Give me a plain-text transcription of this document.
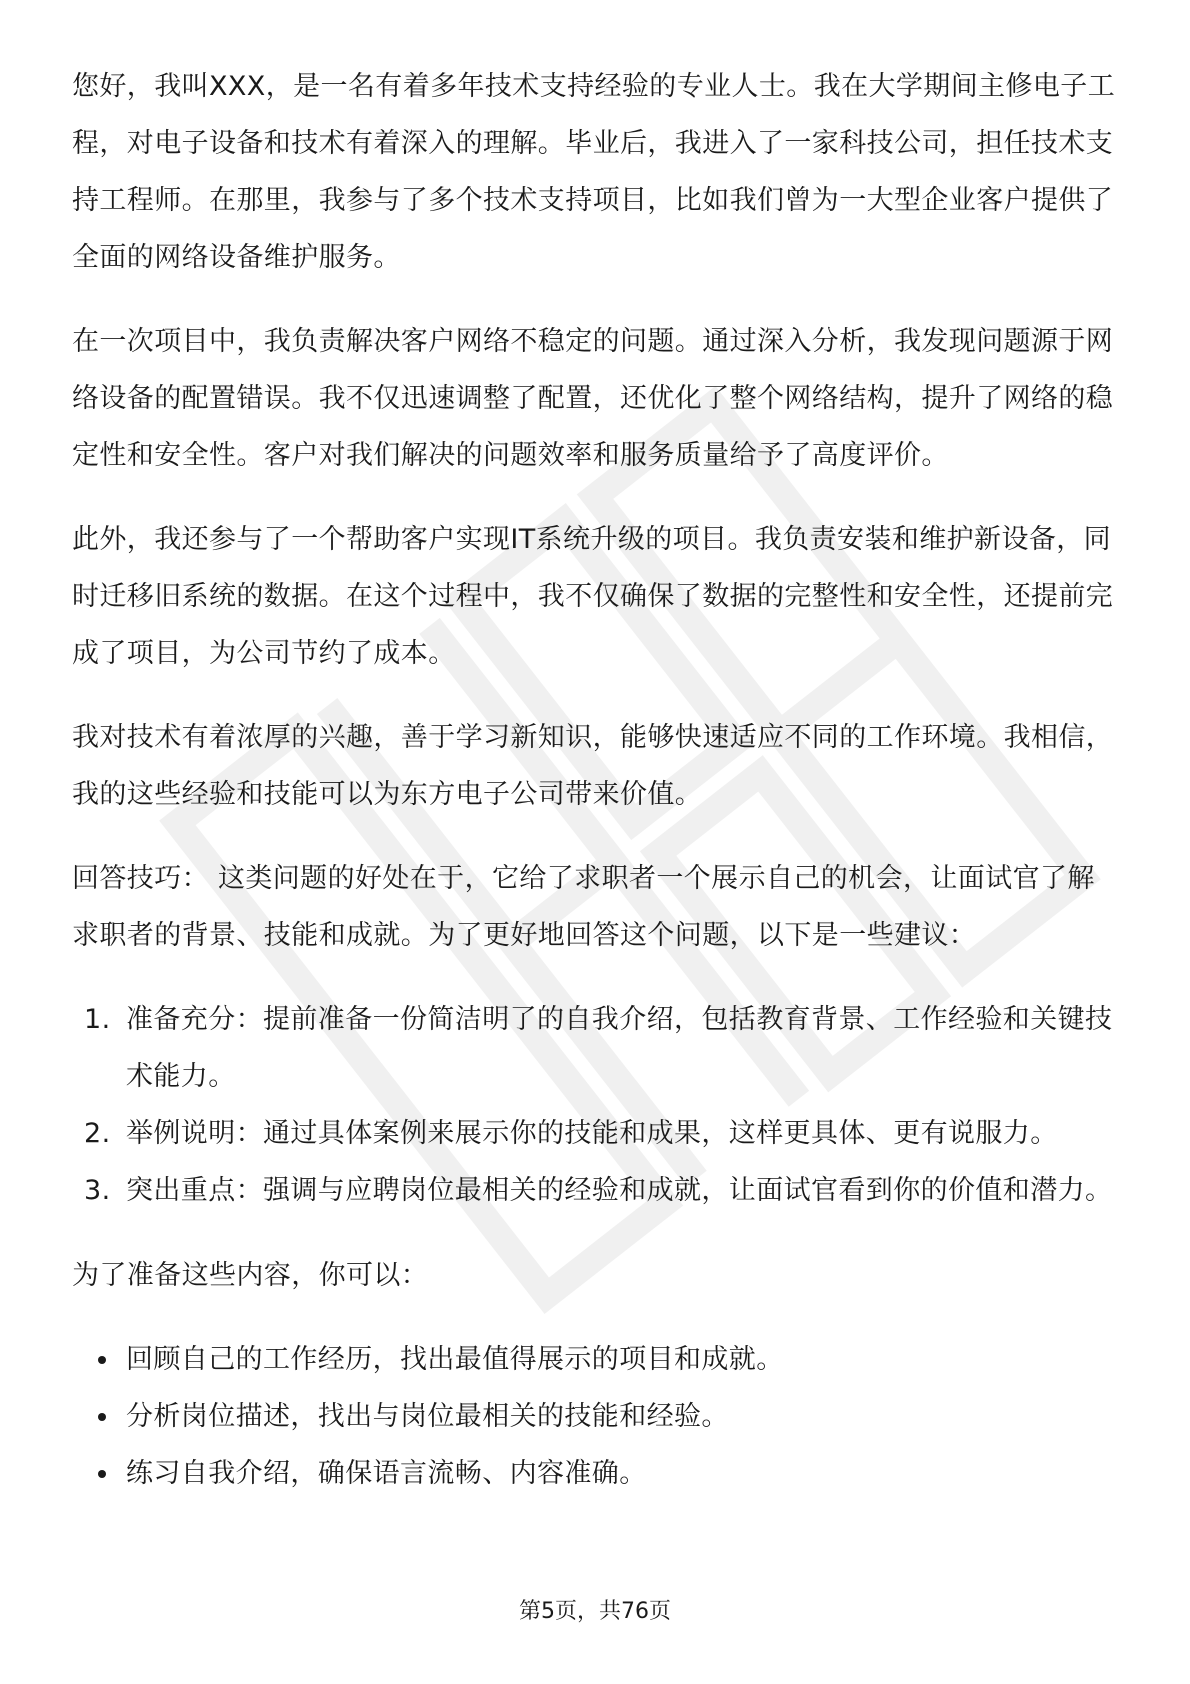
您好，我叫XXX，是一名有着多年技术支持经验的专业人士。我在大学期间主修电子工程，对电子设备和技术有着深入的理解。毕业后，我进入了一家科技公司，担任技术支持工程师。在那里，我参与了多个技术支持项目，比如我们曾为一大型企业客户提供了全面的网络设备维护服务。

在一次项目中，我负责解决客户网络不稳定的问题。通过深入分析，我发现问题源于网络设备的配置错误。我不仅迅速调整了配置，还优化了整个网络结构，提升了网络的稳定性和安全性。客户对我们解决的问题效率和服务质量给予了高度评价。

此外，我还参与了一个帮助客户实现IT系统升级的项目。我负责安装和维护新设备，同时迁移旧系统的数据。在这个过程中，我不仅确保了数据的完整性和安全性，还提前完成了项目，为公司节约了成本。

我对技术有着浓厚的兴趣，善于学习新知识，能够快速适应不同的工作环境。我相信，我的这些经验和技能可以为东方电子公司带来价值。

回答技巧： 这类问题的好处在于，它给了求职者一个展示自己的机会，让面试官了解求职者的背景、技能和成就。为了更好地回答这个问题，以下是一些建议：

1. 准备充分：提前准备一份简洁明了的自我介绍，包括教育背景、工作经验和关键技术能力。
2. 举例说明：通过具体案例来展示你的技能和成果，这样更具体、更有说服力。
3. 突出重点：强调与应聘岗位最相关的经验和成就，让面试官看到你的价值和潜力。

为了准备这些内容，你可以：

回顾自己的工作经历，找出最值得展示的项目和成就。
分析岗位描述，找出与岗位最相关的技能和经验。
练习自我介绍，确保语言流畅、内容准确。
第5页，共76页
